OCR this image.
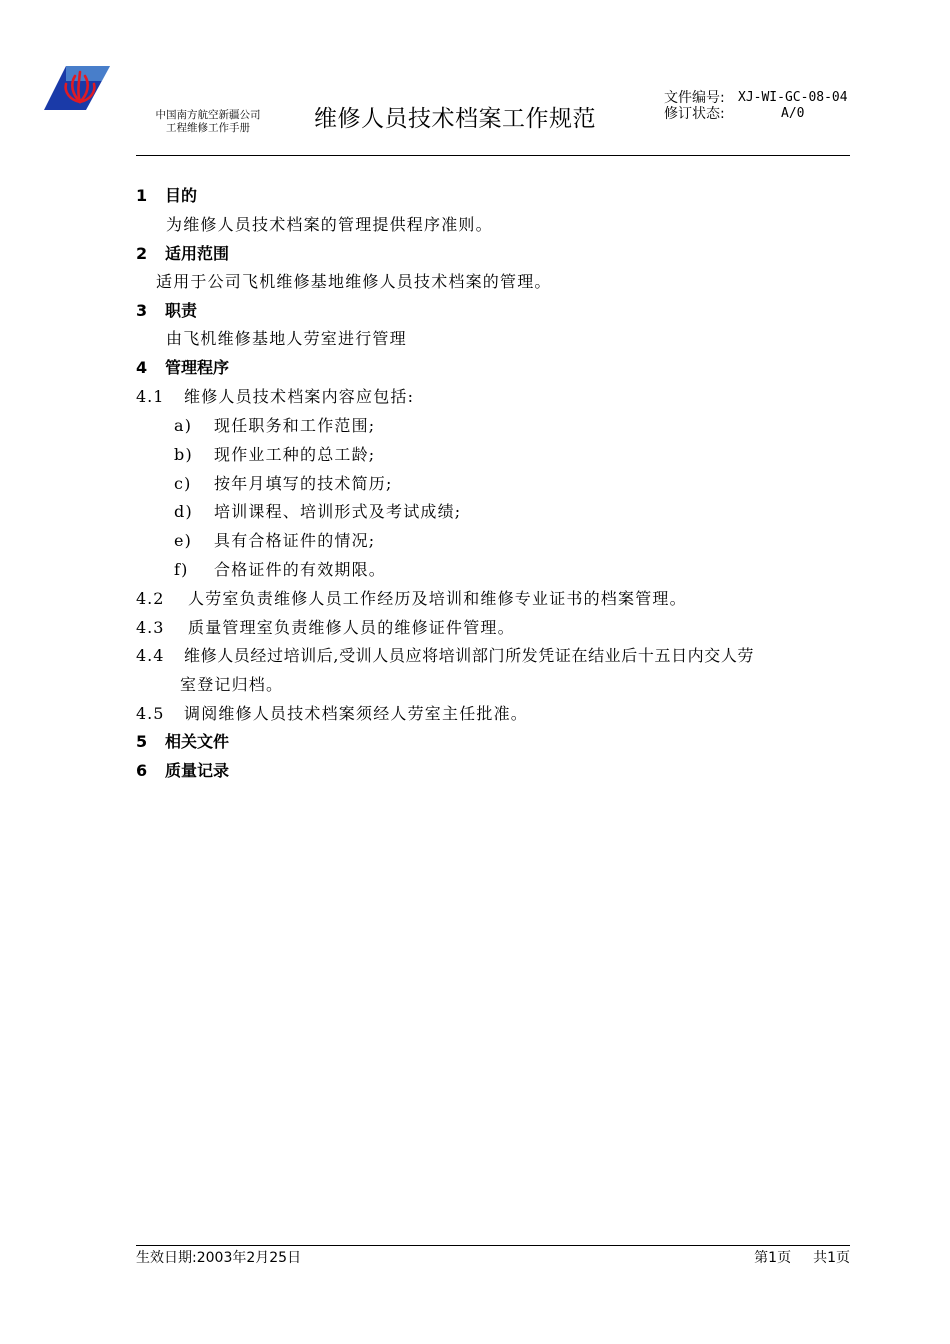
中国南方航空新疆公司
工程维修工作手册	维修人员技术档案工作规范
文件编号:	XJ-WI-GC-08-04
修订状态:	A/0
1 目的
为维修人员技术档案的管理提供程序准则。
2 适用范围
适用于公司飞机维修基地维修人员技术档案的管理。
3 职责
由飞机维修基地人劳室进行管理
4 管理程序
4.1 维修人员技术档案内容应包括:
a) 现任职务和工作范围;
b) 现作业工种的总工龄;
c) 按年月填写的技术简历;
d) 培训课程、培训形式及考试成绩;
e) 具有合格证件的情况;
f) 合格证件的有效期限。
4.2 人劳室负责维修人员工作经历及培训和维修专业证书的档案管理。
4.3 质量管理室负责维修人员的维修证件管理。
4.4 维修人员经过培训后,受训人员应将培训部门所发凭证在结业后十五日内交人劳
室登记归档。
4.5 调阅维修人员技术档案须经人劳室主任批准。
5 相关文件
6 质量记录
生效日期:2003年2月25日	第1页 共1页
